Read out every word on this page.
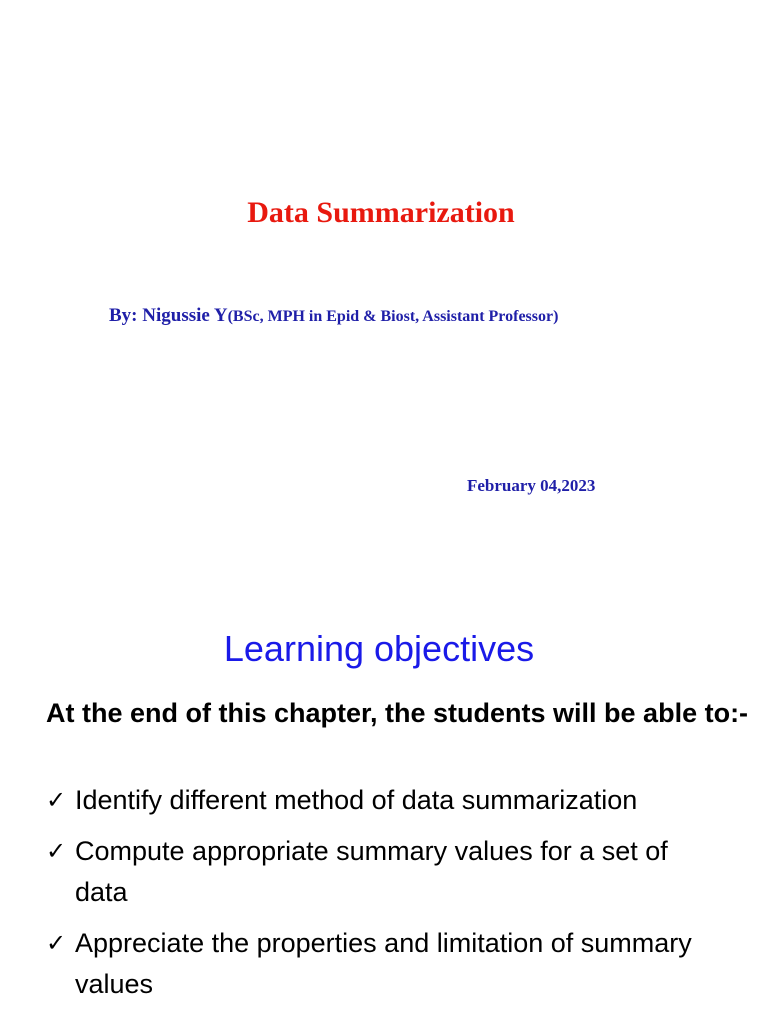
Data Summarization
By: Nigussie Y(BSc, MPH in Epid & Biost, Assistant Professor)
February 04,2023
Learning objectives
At the end of this chapter, the students will be able to:-
✓ Identify different method of data summarization
✓ Compute appropriate summary values for a set of data
✓ Appreciate the properties and limitation of summary values
